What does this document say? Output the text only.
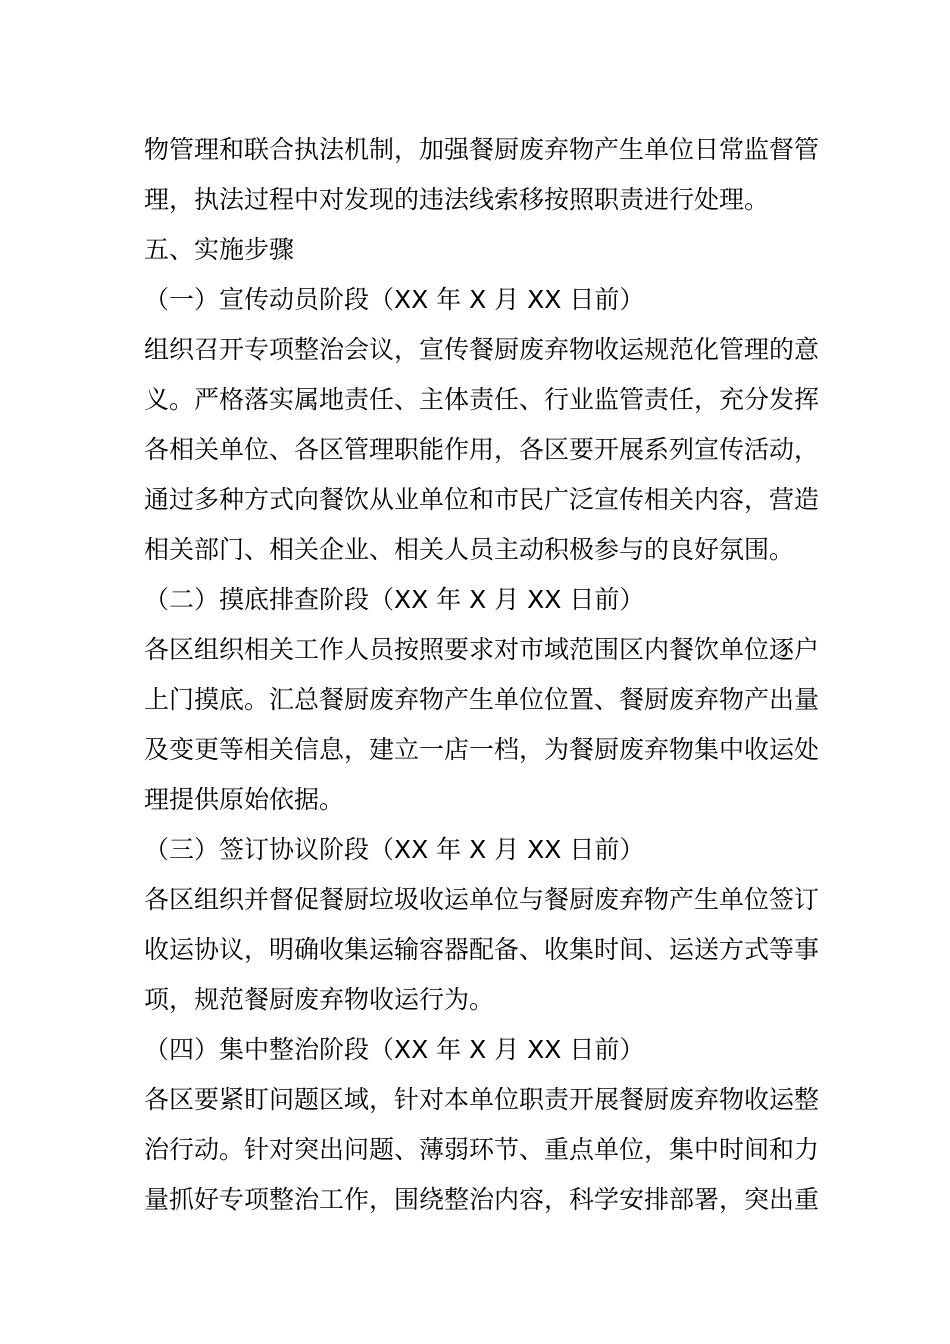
物管理和联合执法机制，加强餐厨废弃物产生单位日常监督管
理，执法过程中对发现的违法线索移按照职责进行处理。
五、实施步骤
（一）宣传动员阶段（XX 年 X 月 XX 日前）
组织召开专项整治会议，宣传餐厨废弃物收运规范化管理的意
义。严格落实属地责任、主体责任、行业监管责任，充分发挥
各相关单位、各区管理职能作用，各区要开展系列宣传活动，
通过多种方式向餐饮从业单位和市民广泛宣传相关内容，营造
相关部门、相关企业、相关人员主动积极参与的良好氛围。
（二）摸底排查阶段（XX 年 X 月 XX 日前）
各区组织相关工作人员按照要求对市域范围区内餐饮单位逐户
上门摸底。汇总餐厨废弃物产生单位位置、餐厨废弃物产出量
及变更等相关信息，建立一店一档，为餐厨废弃物集中收运处
理提供原始依据。
（三）签订协议阶段（XX 年 X 月 XX 日前）
各区组织并督促餐厨垃圾收运单位与餐厨废弃物产生单位签订
收运协议，明确收集运输容器配备、收集时间、运送方式等事
项，规范餐厨废弃物收运行为。
（四）集中整治阶段（XX 年 X 月 XX 日前）
各区要紧盯问题区域，针对本单位职责开展餐厨废弃物收运整
治行动。针对突出问题、薄弱环节、重点单位，集中时间和力
量抓好专项整治工作，围绕整治内容，科学安排部署，突出重
